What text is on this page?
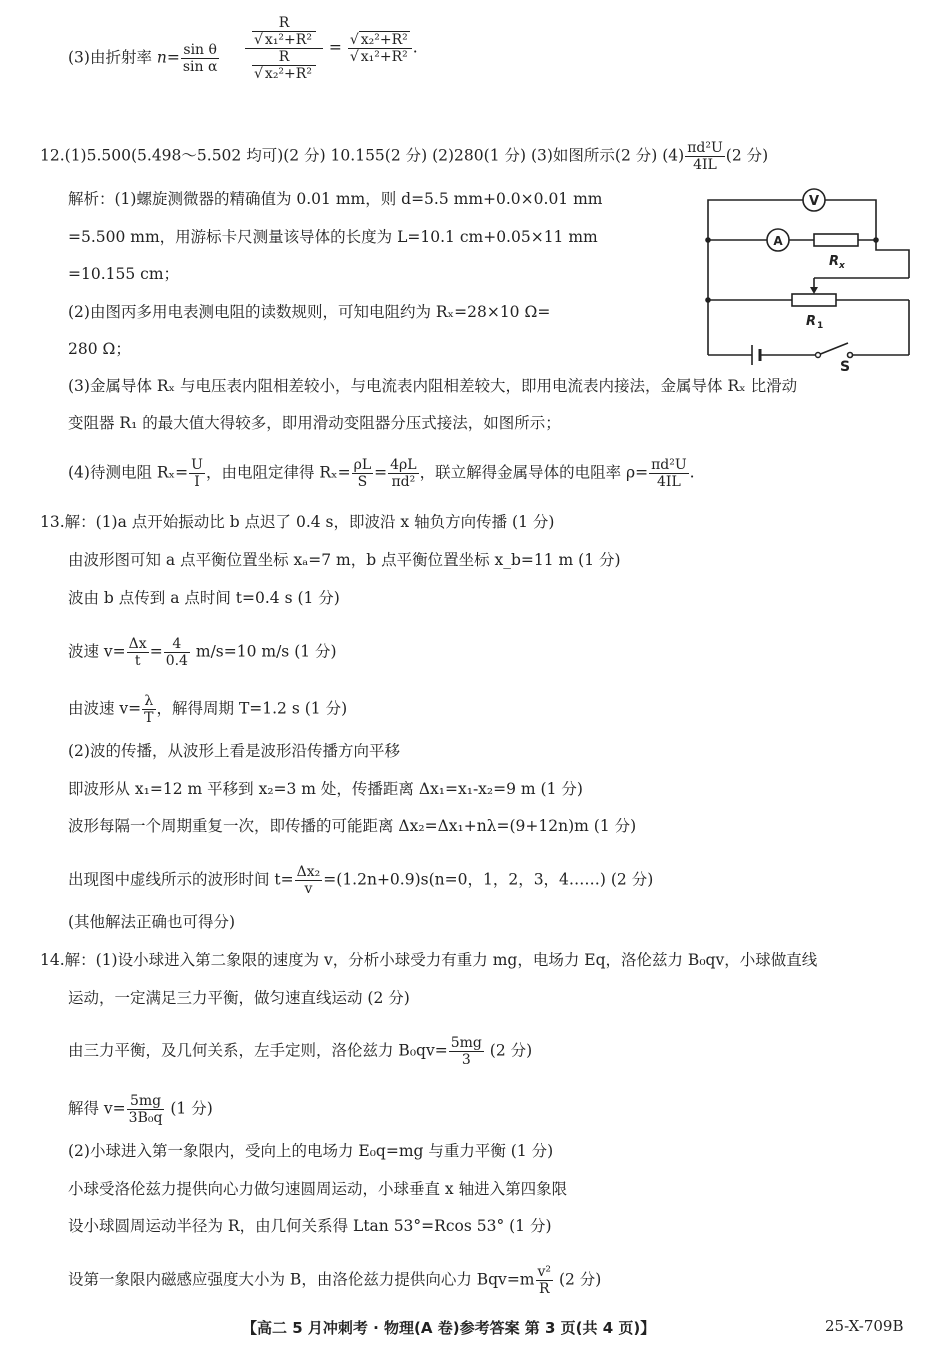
(3)由折射率 $n= \frac{\text{sin θ}}{\text{sin α}} \frac{\frac{R}{\text{√ x₁²+R²}}}{\frac{R}{\text{√ x₂²+R²}}} = \frac{\text{√ x₂²+R²}}{\text{√ x₁²+R²}}$ .
12.(1)5.500(5.498～5.502 均可)(2 分) 10.155(2 分) (2)280(1 分) (3)如图所示(2 分) $(4) \frac{\text{πd²U}}{4IL} (2$ 分)
解析：(1)螺旋测微器的精确值为 0.01 mm，则 d=5.5 mm+0.0×0.01 mm
=5.500 mm，用游标卡尺测量该导体的长度为 L=10.1 cm+0.05×11 mm
=10.155 cm；
(2)由图丙多用电表测电阻的读数规则，可知电阻约为 Rₓ=28×10 Ω=
280 Ω；
(3)金属导体 Rₓ 与电压表内阻相差较小，与电流表内阻相差较大，即用电流表内接法，金属导体 Rₓ 比滑动
变阻器 R₁ 的最大值大得较多，即用滑动变阻器分压式接法，如图所示；
(4)待测电阻 $R_x= \frac{U}{I}$ ，由电阻定律得 $R_x= \frac{\rho L}{S} = \frac{4\rho L}{\text{πd²}}$ ，联立解得金属导体的电阻率 $\rho= \frac{\text{πd²U}}{4IL}$ .
V
A
R x
R 1
S
13.解：(1)a 点开始振动比 b 点迟了 0.4 s，即波沿 x 轴负方向传播 (1 分)
由波形图可知 a 点平衡位置坐标 xₐ=7 m，b 点平衡位置坐标 x_b=11 m (1 分)
波由 b 点传到 a 点时间 t=0.4 s (1 分)
波速 $v= \frac{\Delta x}{t} = \frac{4}{0.4} m/s=10$ m/s (1 分)
由波速 $v= \frac{\lambda}{T}$ ，解得周期 T=1.2 s (1 分)
(2)波的传播，从波形上看是波形沿传播方向平移
即波形从 x₁=12 m 平移到 x₂=3 m 处，传播距离 Δx₁=x₁-x₂=9 m (1 分)
波形每隔一个周期重复一次，即传播的可能距离 Δx₂=Δx₁+nλ=(9+12n)m (1 分)
出现图中虚线所示的波形时间 $t= \frac{\text{Δx₂}}{v} =(1.2n+0.9)s(n=0$，1，2，3，4……) (2 分)
(其他解法正确也可得分)
14.解：(1)设小球进入第二象限的速度为 v，分析小球受力有重力 mg，电场力 Eq，洛伦兹力 B₀qv，小球做直线
运动，一定满足三力平衡，做匀速直线运动 (2 分)
由三力平衡，及几何关系，左手定则，洛伦兹力 $B_0qv= \frac{5mg}{3} (2$ 分)
解得 $v= \frac{5mg}{\text{3B₀q}} (1$ 分)
(2)小球进入第一象限内，受向上的电场力 E₀q=mg 与重力平衡 (1 分)
小球受洛伦兹力提供向心力做匀速圆周运动，小球垂直 x 轴进入第四象限
设小球圆周运动半径为 R，由几何关系得 Ltan 53°=Rcos 53° (1 分)
设第一象限内磁感应强度大小为 B，由洛伦兹力提供向心力 $Bqv=m \frac{\text{v²}}{R} (2$ 分)
【高二 5 月冲刺考 · 物理(A 卷)参考答案 第 3 页(共 4 页)】	25-X-709B
